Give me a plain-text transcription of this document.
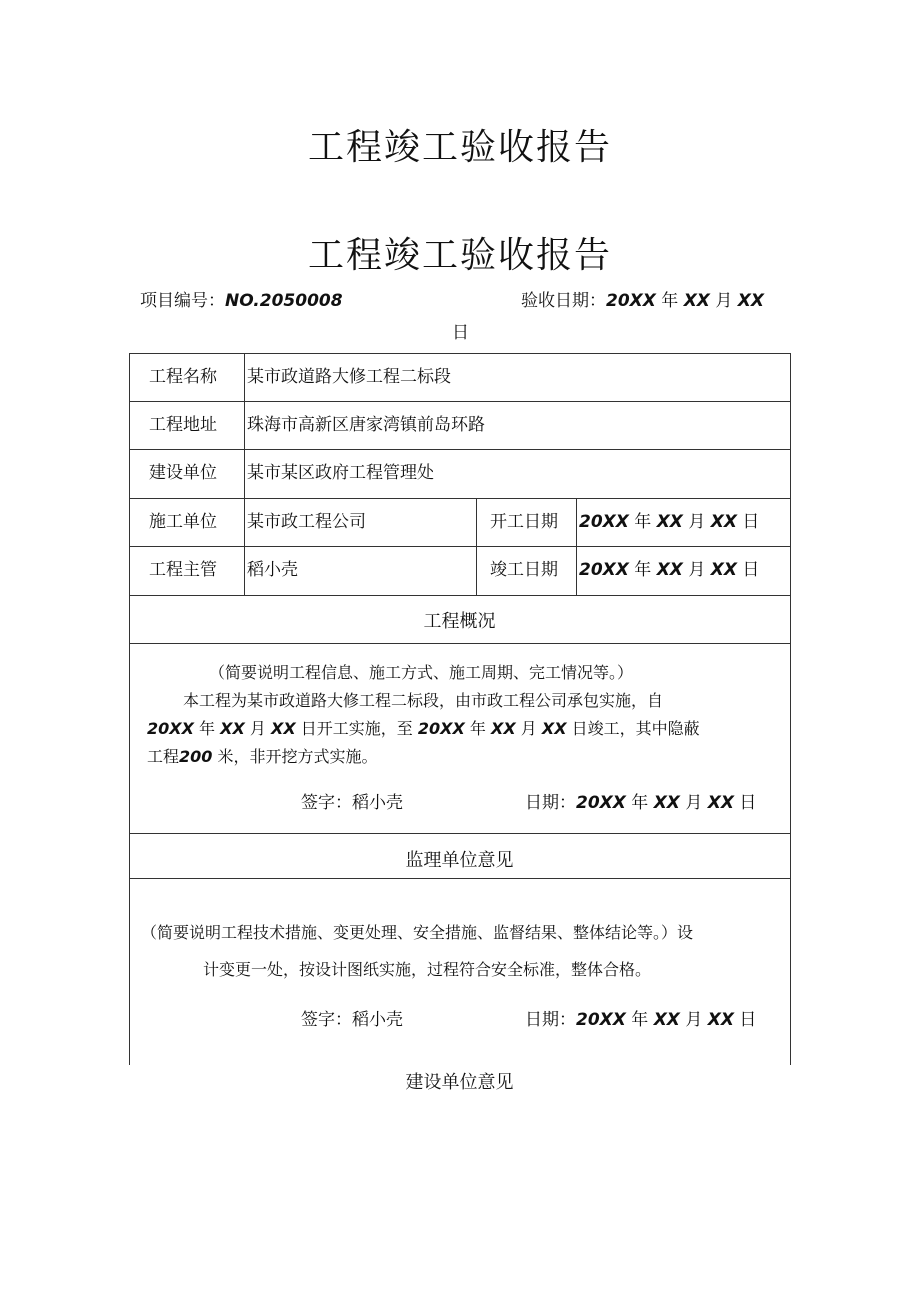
工程竣工验收报告
工程竣工验收报告
项目编号：NO.2050008	验收日期：20XX 年 XX 月 XX
日
工程名称 某市政道路大修工程二标段
工程地址 珠海市高新区唐家湾镇前岛环路
建设单位 某市某区政府工程管理处
施工单位 某市政工程公司	开工日期 20XX 年 XX 月 XX 日
工程主管 稻小壳	竣工日期 20XX 年 XX 月 XX 日
工程概况
（简要说明工程信息、施工方式、施工周期、完工情况等。）
本工程为某市政道路大修工程二标段，由市政工程公司承包实施，自
20XX 年 XX 月 XX 日开工实施，至 20XX 年 XX 月 XX 日竣工，其中隐蔽
工程200 米，非开挖方式实施。
签字：稻小壳	日期：20XX 年 XX 月 XX 日
监理单位意见
（简要说明工程技术措施、变更处理、安全措施、监督结果、整体结论等。）设
计变更一处，按设计图纸实施，过程符合安全标准，整体合格。
签字：稻小壳	日期：20XX 年 XX 月 XX 日
建设单位意见
